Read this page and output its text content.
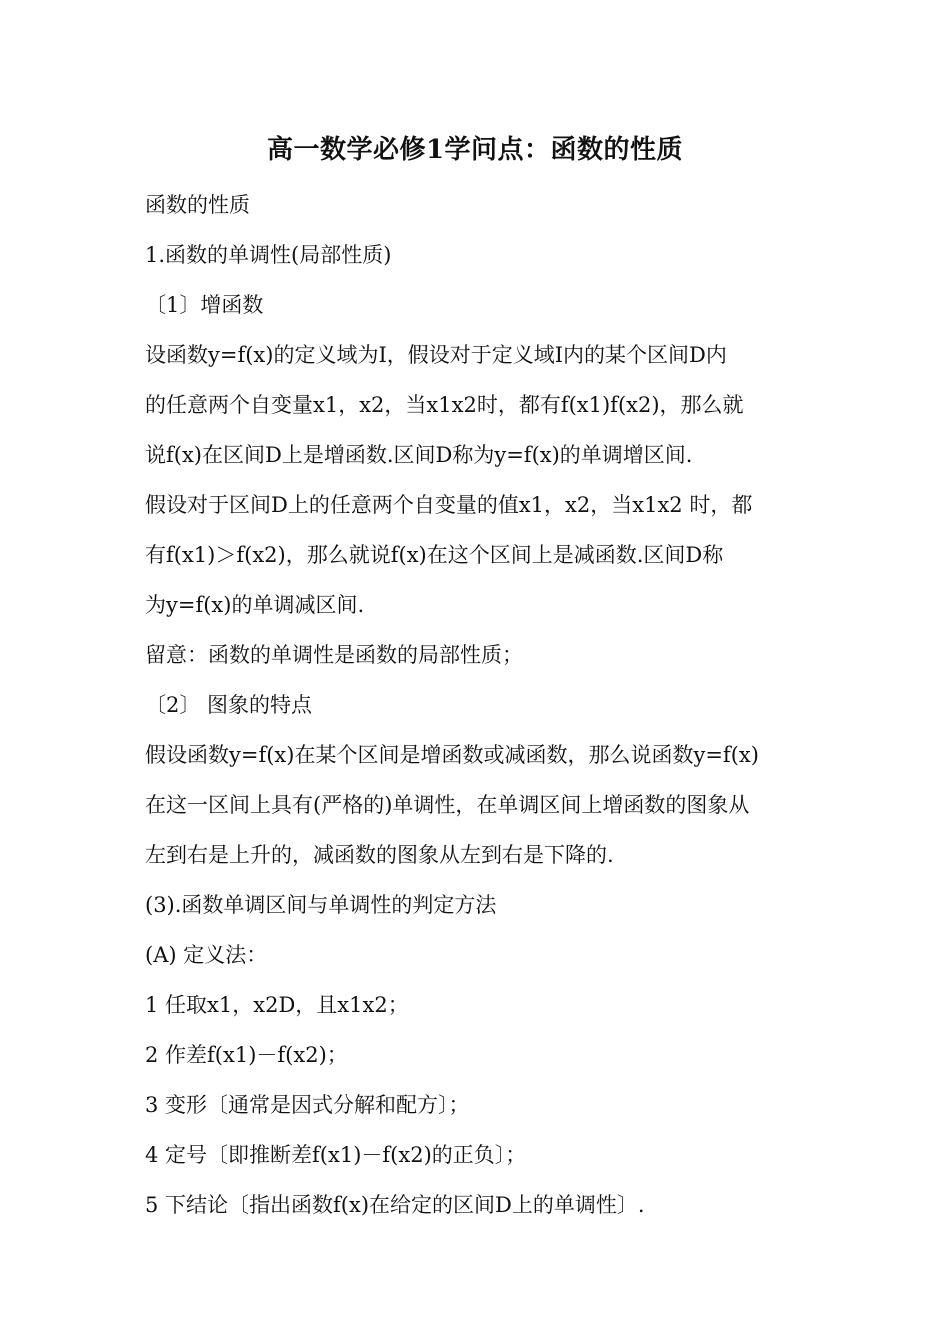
高一数学必修1学问点：函数的性质

函数的性质

1.函数的单调性(局部性质)

〔1〕增函数

设函数y=f(x)的定义域为I，假设对于定义域I内的某个区间D内

的任意两个自变量x1，x2，当x1x2时，都有f(x1)f(x2)，那么就

说f(x)在区间D上是增函数.区间D称为y=f(x)的单调增区间.

假设对于区间D上的任意两个自变量的值x1，x2，当x1x2 时，都

有f(x1)＞f(x2)，那么就说f(x)在这个区间上是减函数.区间D称

为y=f(x)的单调减区间.

留意：函数的单调性是函数的局部性质；

〔2〕 图象的特点

假设函数y=f(x)在某个区间是增函数或减函数，那么说函数y=f(x)

在这一区间上具有(严格的)单调性，在单调区间上增函数的图象从

左到右是上升的，减函数的图象从左到右是下降的.

(3).函数单调区间与单调性的判定方法

(A) 定义法：

1 任取x1，x2D，且x1x2；

2 作差f(x1)－f(x2)；

3 变形〔通常是因式分解和配方〕；

4 定号〔即推断差f(x1)－f(x2)的正负〕；

5 下结论〔指出函数f(x)在给定的区间D上的单调性〕.
